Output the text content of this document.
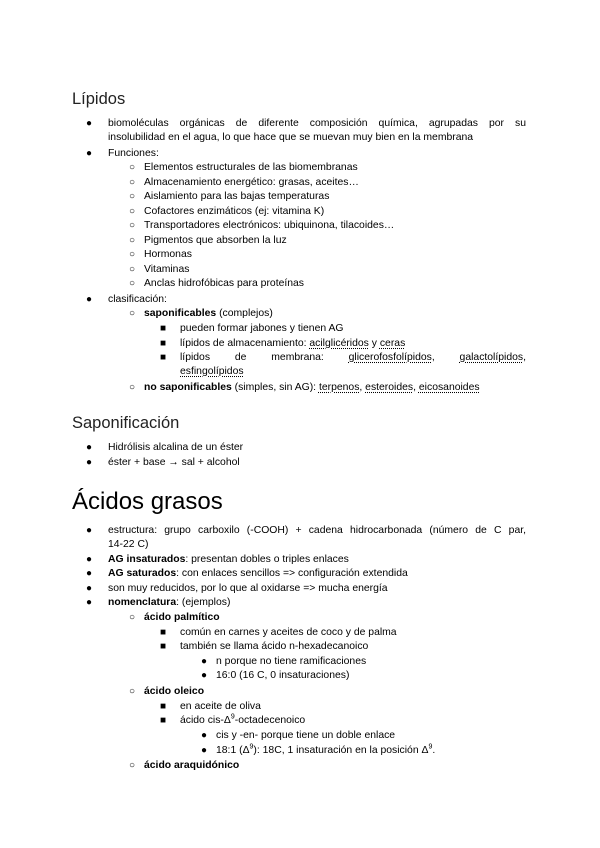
Lípidos
● biomoléculas orgánicas de diferente composición química, agrupadas por su
insolubilidad en el agua, lo que hace que se muevan muy bien en la membrana
● Funciones:
○ Elementos estructurales de las biomembranas
○ Almacenamiento energético: grasas, aceites…
○ Aislamiento para las bajas temperaturas
○ Cofactores enzimáticos (ej: vitamina K)
○ Transportadores electrónicos: ubiquinona, tilacoides…
○ Pigmentos que absorben la luz
○ Hormonas
○ Vitaminas
○ Anclas hidrofóbicas para proteínas
● clasificación:
○ saponificables (complejos)
■ pueden formar jabones y tienen AG
■ lípidos de almacenamiento: acilglicéridos y ceras
■ lípidos de membrana: glicerofosfolípidos, galactolípidos,
esfingolípidos
○ no saponificables (simples, sin AG): terpenos, esteroides, eicosanoides
Saponificación
● Hidrólisis alcalina de un éster
● éster + base → sal + alcohol
Ácidos grasos
● estructura: grupo carboxilo (-COOH) + cadena hidrocarbonada (número de C par,
14-22 C)
● AG insaturados: presentan dobles o triples enlaces
● AG saturados: con enlaces sencillos => configuración extendida
● son muy reducidos, por lo que al oxidarse => mucha energía
● nomenclatura: (ejemplos)
○ ácido palmítico
■ común en carnes y aceites de coco y de palma
■ también se llama ácido n-hexadecanoico
● n porque no tiene ramificaciones
● 16:0 (16 C, 0 insaturaciones)
○ ácido oleico
■ en aceite de oliva
■ ácido cis-$\Delta^9$-octadecenoico
● cis y -en- porque tiene un doble enlace
● 18:1 $(\Delta^9)$: 18C, 1 insaturación en la posición $\Delta^9$.
○ ácido araquidónico
